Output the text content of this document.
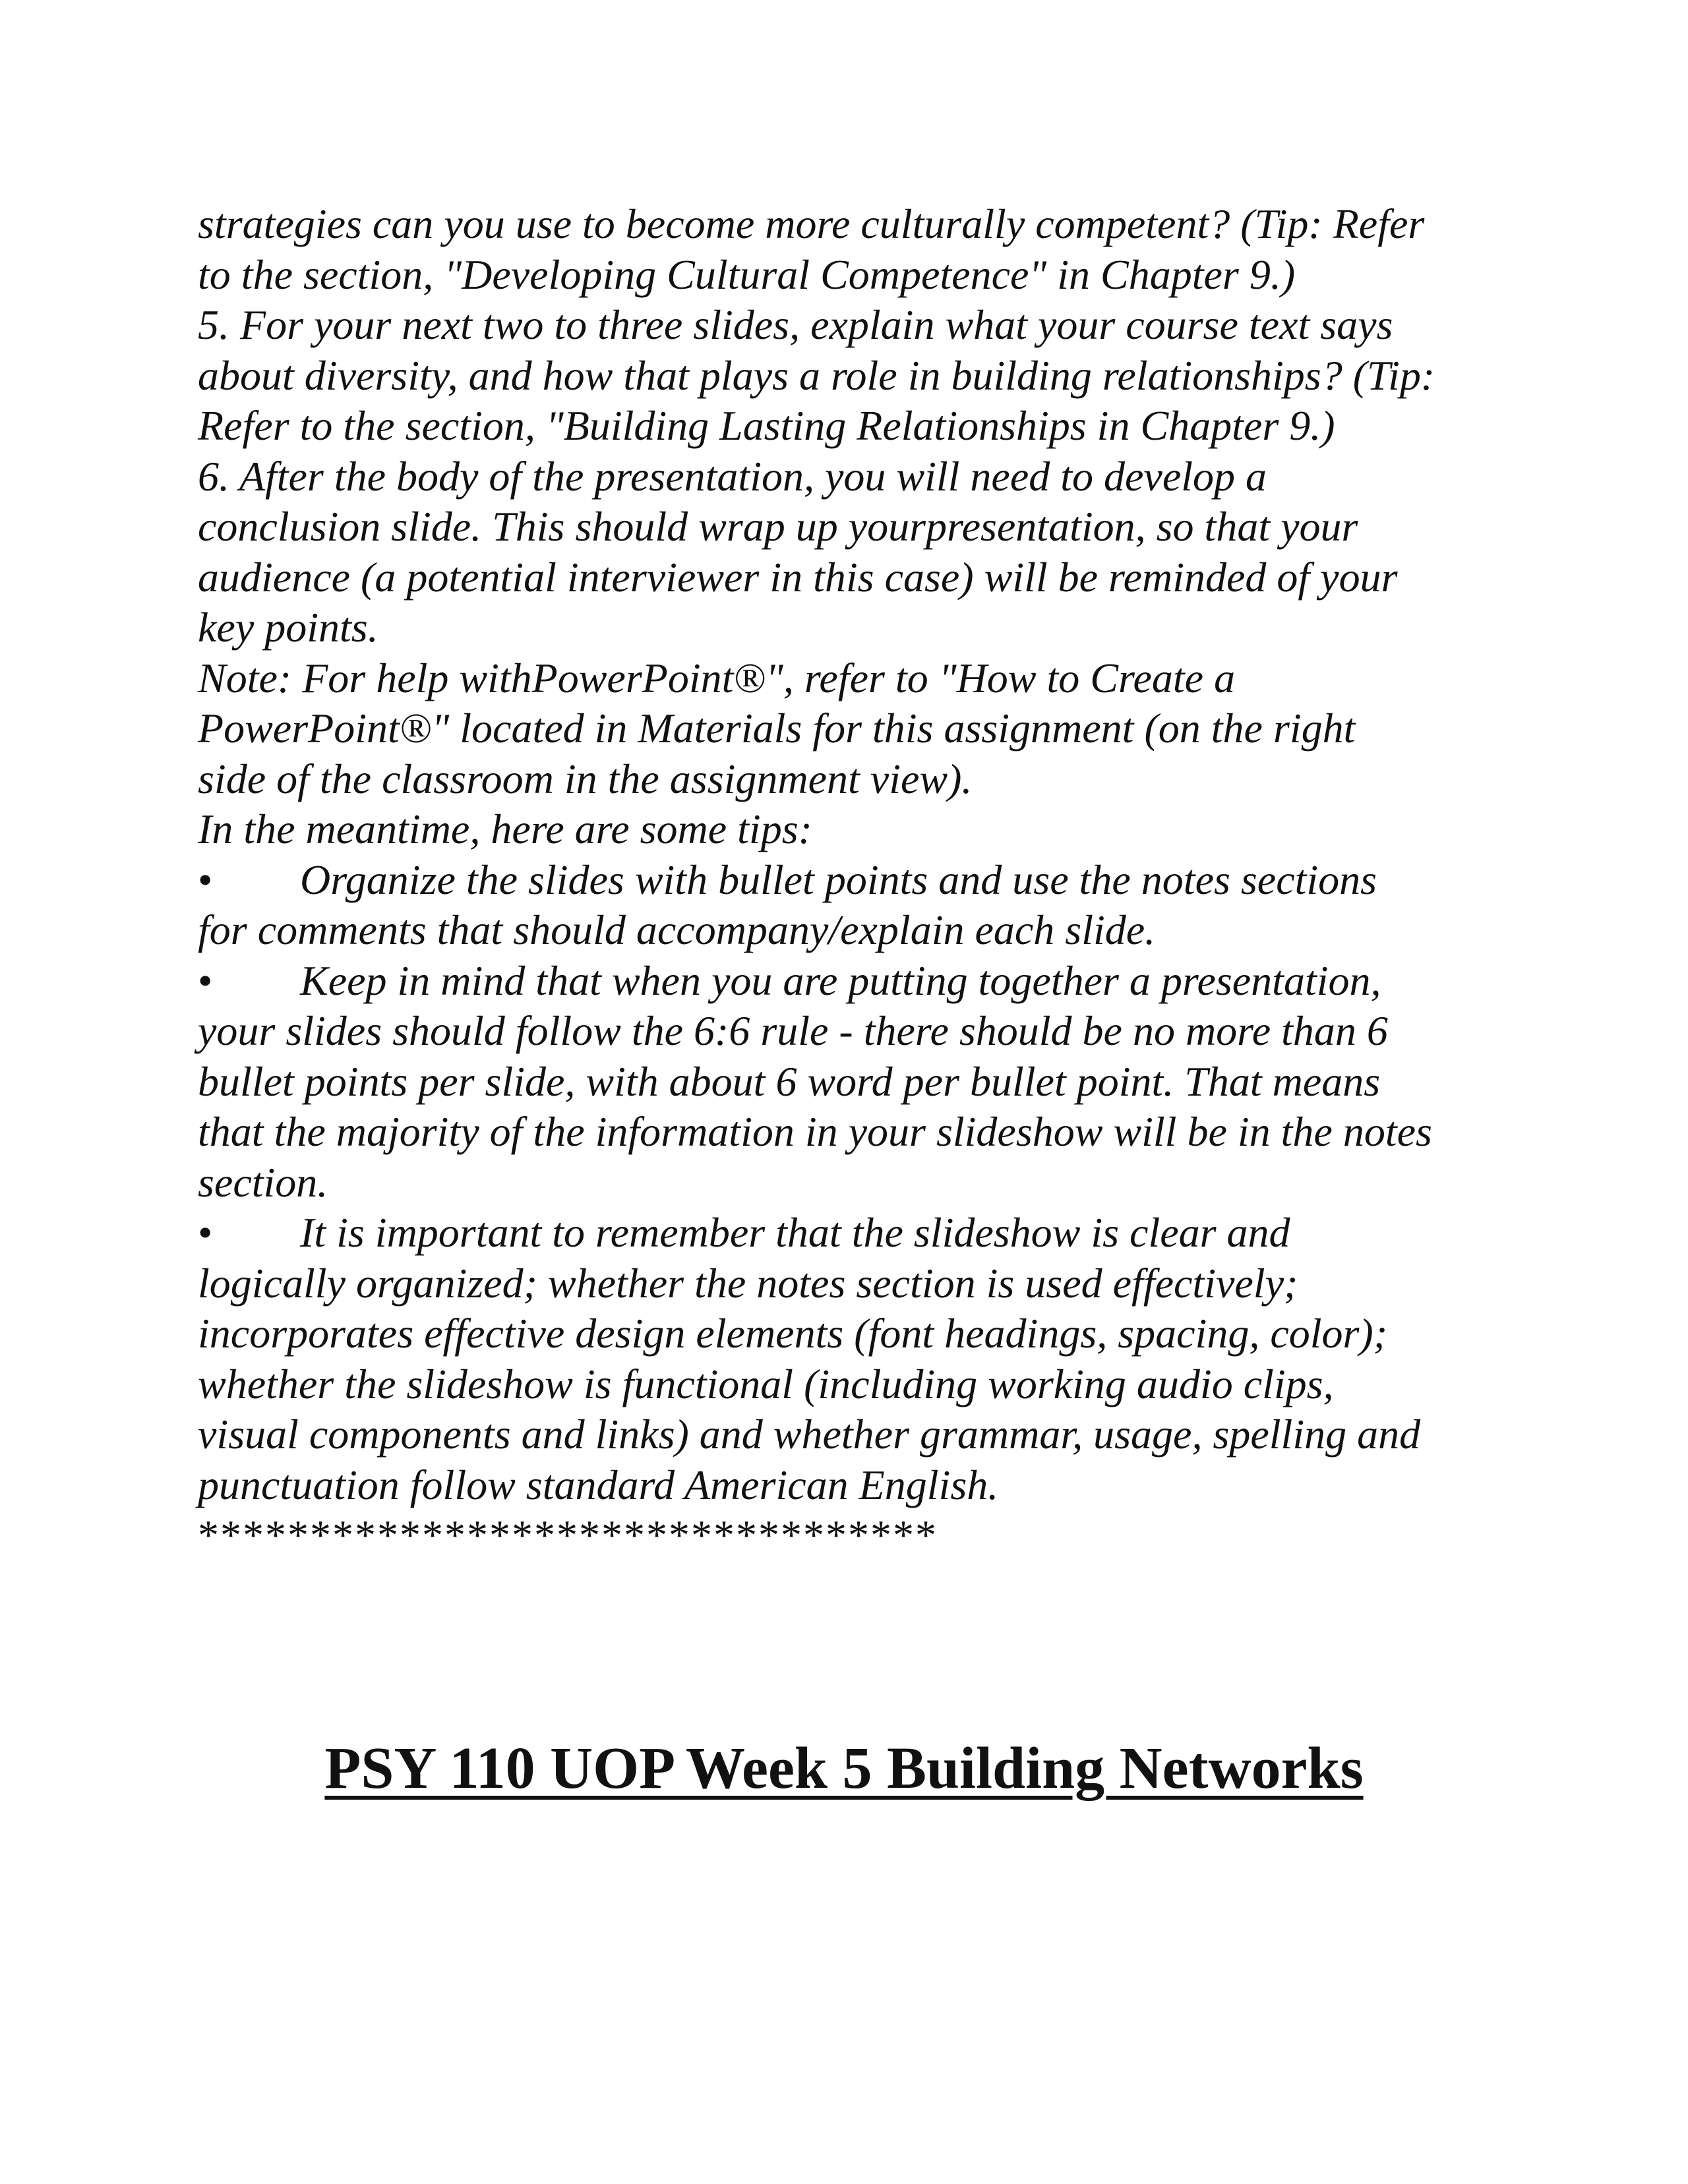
strategies can you use to become more culturally competent? (Tip: Refer
to the section, "Developing Cultural Competence" in Chapter 9.)
5. For your next two to three slides, explain what your course text says
about diversity, and how that plays a role in building relationships? (Tip:
Refer to the section, "Building Lasting Relationships in Chapter 9.)
6. After the body of the presentation, you will need to develop a
conclusion slide. This should wrap up yourpresentation, so that your
audience (a potential interviewer in this case) will be reminded of your
key points.
Note: For help withPowerPoint®", refer to "How to Create a
PowerPoint®" located in Materials for this assignment (on the right
side of the classroom in the assignment view).
In the meantime, here are some tips:
• Organize the slides with bullet points and use the notes sections
for comments that should accompany/explain each slide.
• Keep in mind that when you are putting together a presentation,
your slides should follow the 6:6 rule - there should be no more than 6
bullet points per slide, with about 6 word per bullet point. That means
that the majority of the information in your slideshow will be in the notes
section.
• It is important to remember that the slideshow is clear and
logically organized; whether the notes section is used effectively;
incorporates effective design elements (font headings, spacing, color);
whether the slideshow is functional (including working audio clips,
visual components and links) and whether grammar, usage, spelling and
punctuation follow standard American English.
*********************************
PSY 110 UOP Week 5 Building Networks
